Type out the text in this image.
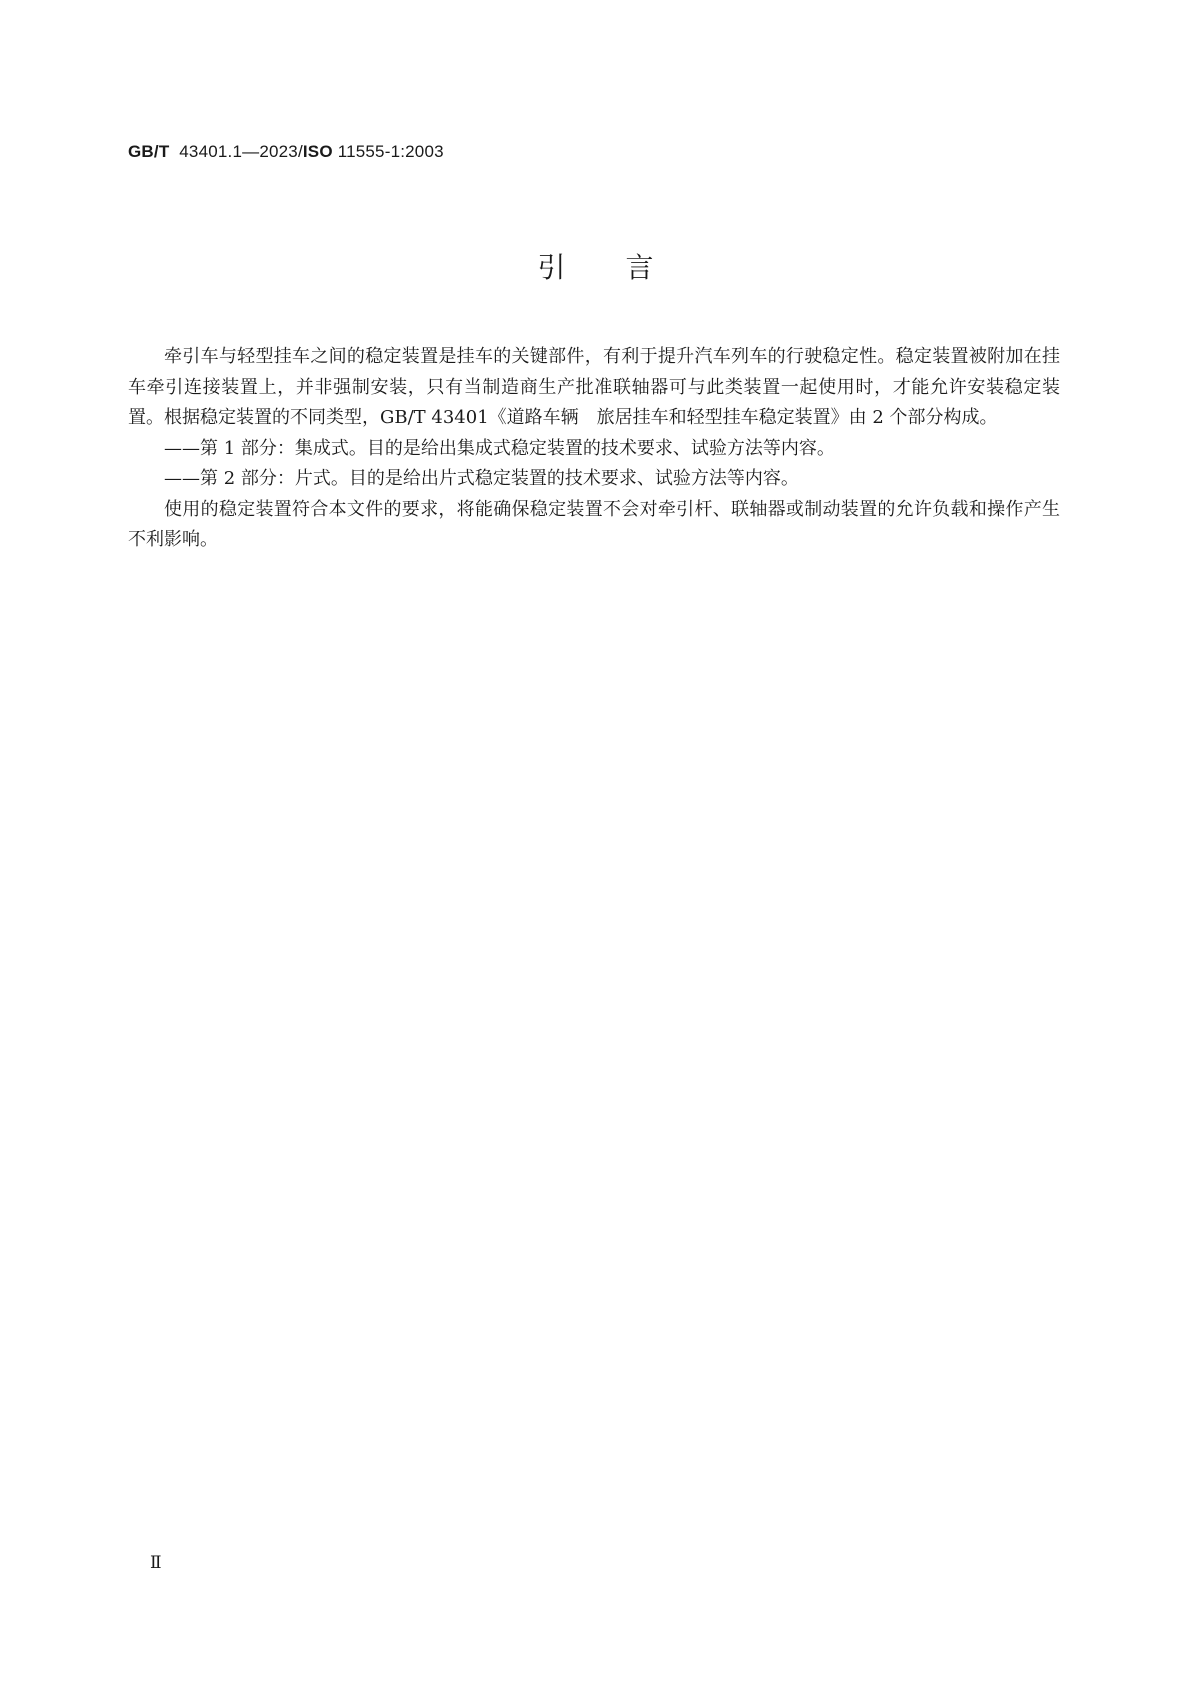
GB/T 43401.1—2023/ISO 11555-1:2003
引言

牵引车与轻型挂车之间的稳定装置是挂车的关键部件，有利于提升汽车列车的行驶稳定性。稳定装置被附加在挂车牵引连接装置上，并非强制安装，只有当制造商生产批准联轴器可与此类装置一起使用时，才能允许安装稳定装置。根据稳定装置的不同类型，GB/T 43401《道路车辆　旅居挂车和轻型挂车稳定装置》由 2 个部分构成。

——第 1 部分：集成式。目的是给出集成式稳定装置的技术要求、试验方法等内容。

——第 2 部分：片式。目的是给出片式稳定装置的技术要求、试验方法等内容。

使用的稳定装置符合本文件的要求，将能确保稳定装置不会对牵引杆、联轴器或制动装置的允许负载和操作产生不利影响。

Ⅱ
